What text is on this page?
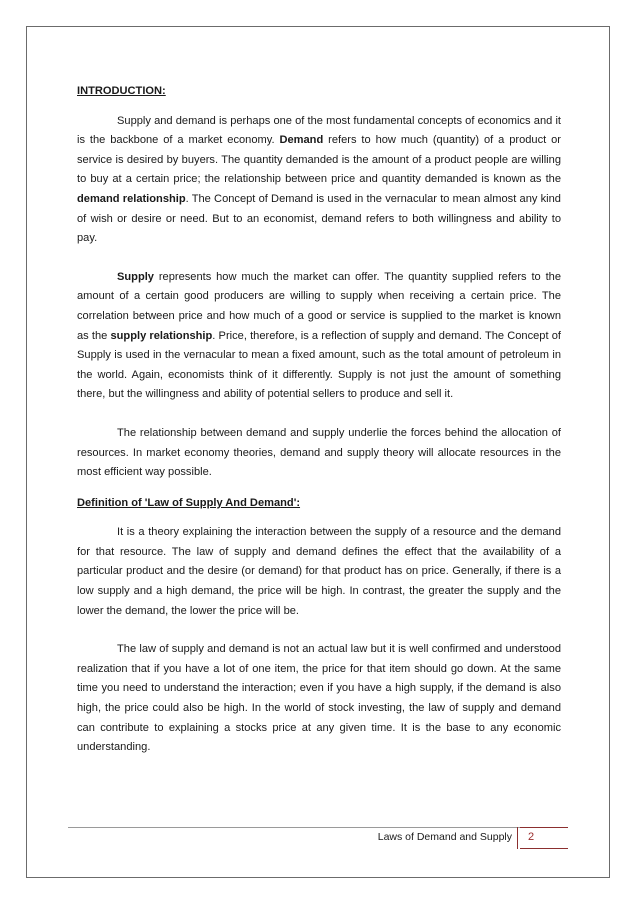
INTRODUCTION:

Supply and demand is perhaps one of the most fundamental concepts of economics and it is the backbone of a market economy. Demand refers to how much (quantity) of a product or service is desired by buyers. The quantity demanded is the amount of a product people are willing to buy at a certain price; the relationship between price and quantity demanded is known as the demand relationship. The Concept of Demand is used in the vernacular to mean almost any kind of wish or desire or need. But to an economist, demand refers to both willingness and ability to pay.

Supply represents how much the market can offer. The quantity supplied refers to the amount of a certain good producers are willing to supply when receiving a certain price. The correlation between price and how much of a good or service is supplied to the market is known as the supply relationship. Price, therefore, is a reflection of supply and demand. The Concept of Supply is used in the vernacular to mean a fixed amount, such as the total amount of petroleum in the world. Again, economists think of it differently. Supply is not just the amount of something there, but the willingness and ability of potential sellers to produce and sell it.

The relationship between demand and supply underlie the forces behind the allocation of resources. In market economy theories, demand and supply theory will allocate resources in the most efficient way possible.

Definition of 'Law of Supply And Demand':

It is a theory explaining the interaction between the supply of a resource and the demand for that resource. The law of supply and demand defines the effect that the availability of a particular product and the desire (or demand) for that product has on price. Generally, if there is a low supply and a high demand, the price will be high. In contrast, the greater the supply and the lower the demand, the lower the price will be.

The law of supply and demand is not an actual law but it is well confirmed and understood realization that if you have a lot of one item, the price for that item should go down. At the same time you need to understand the interaction; even if you have a high supply, if the demand is also high, the price could also be high. In the world of stock investing, the law of supply and demand can contribute to explaining a stocks price at any given time. It is the base to any economic understanding.

Laws of Demand and Supply	2
